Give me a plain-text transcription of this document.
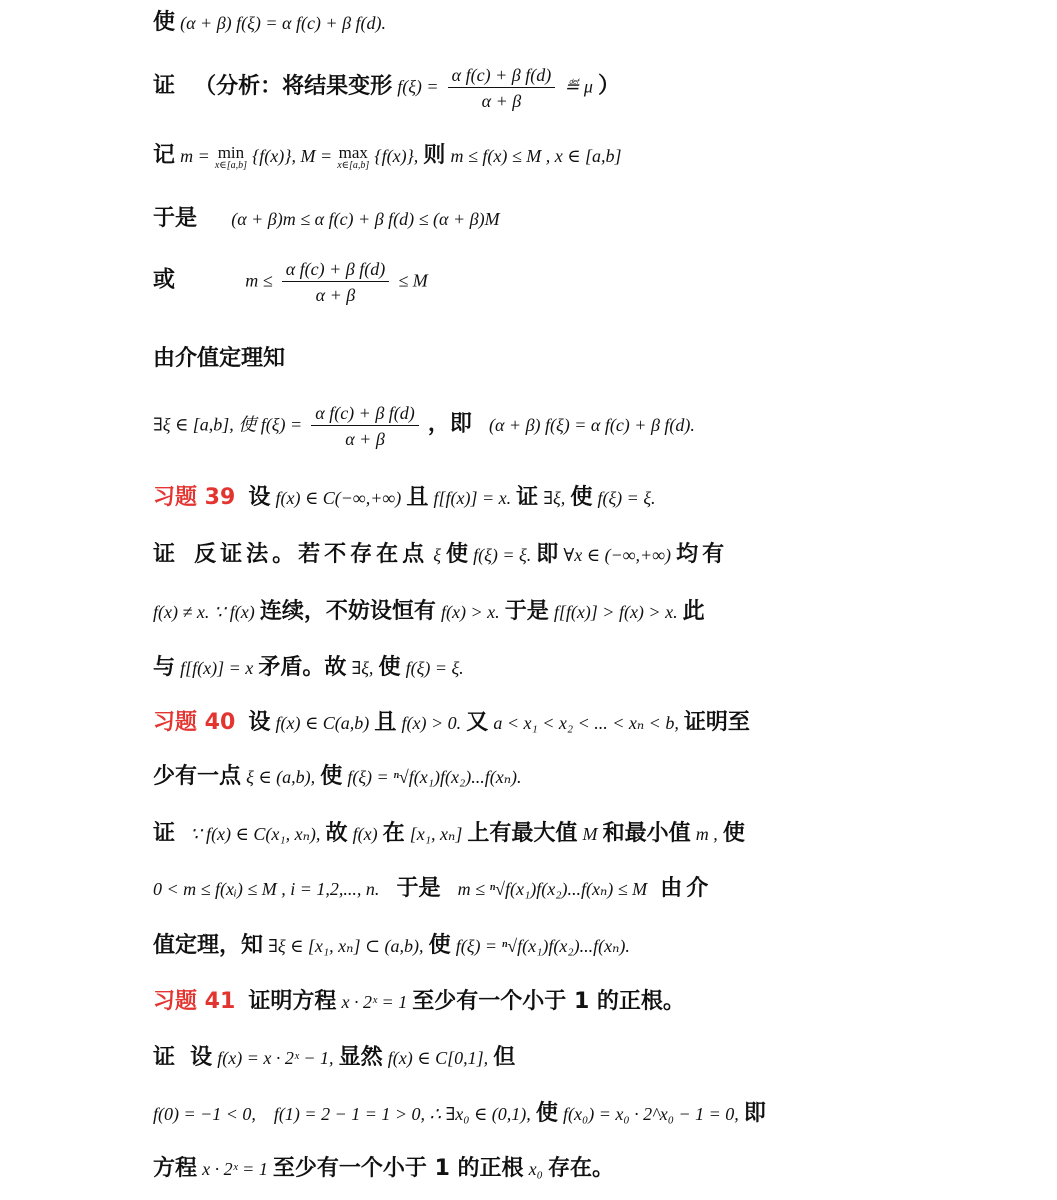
使 (α + β) f(ξ) = α f(c) + β f(d).
证 （分析：将结果变形 $f(\xi) = \frac{\text{α f(c) + β f(d)}}{\alpha + \beta}$ ≝ μ ）
记 m = min
x∈[a,b] {f(x)}, M = max
x∈[a,b] {f(x)}, 则 m ≤ f(x) ≤ M , x ∈ [a,b]
于是 (α + β)m ≤ α f(c) + β f(d) ≤ (α + β)M
或	$m \le \frac{\text{α f(c) + β f(d)}}{\alpha + \beta} \le M$
由介值定理知
∃ξ ∈ [a,b], 使 $f(\xi) = \frac{\text{α f(c) + β f(d)}}{\alpha + \beta}$ ，即 (α + β) f(ξ) = α f(c) + β f(d).
习题 39 设 f(x) ∈ C(−∞,+∞) 且 f[f(x)] = x. 证 ∃ξ, 使 f(ξ) = ξ.
证 反证法。若不存在点 ξ 使 f(ξ) = ξ. 即 ∀x ∈ (−∞,+∞) 均有
f(x) ≠ x. ∵ f(x) 连续，不妨设恒有 f(x) > x. 于是 f[f(x)] > f(x) > x. 此
与 f[f(x)] = x 矛盾。故 ∃ξ, 使 f(ξ) = ξ.
习题 40 设 f(x) ∈ C(a,b) 且 f(x) > 0. 又 a < x₁ < x₂ < ... < xₙ < b, 证明至
少有一点 ξ ∈ (a,b), 使 f(ξ) = ⁿ√f(x₁)f(x₂)...f(xₙ).
证 ∵ f(x) ∈ C(x₁, xₙ), 故 f(x) 在 [x₁, xₙ] 上有最大值 M 和最小值 m , 使
0 < m ≤ f(xᵢ) ≤ M , i = 1,2,..., n. 于是 m ≤ ⁿ√f(x₁)f(x₂)...f(xₙ) ≤ M 由介
值定理，知 ∃ξ ∈ [x₁, xₙ] ⊂ (a,b), 使 f(ξ) = ⁿ√f(x₁)f(x₂)...f(xₙ).
习题 41 证明方程 x · 2ˣ = 1 至少有一个小于 1 的正根。
证 设 f(x) = x · 2ˣ − 1, 显然 f(x) ∈ C[0,1], 但
f(0) = −1 < 0,    f(1) = 2 − 1 = 1 > 0, ∴ ∃x₀ ∈ (0,1), 使 f(x₀) = x₀ · 2^x₀ − 1 = 0, 即
方程 x · 2ˣ = 1 至少有一个小于 1 的正根 x₀ 存在。
